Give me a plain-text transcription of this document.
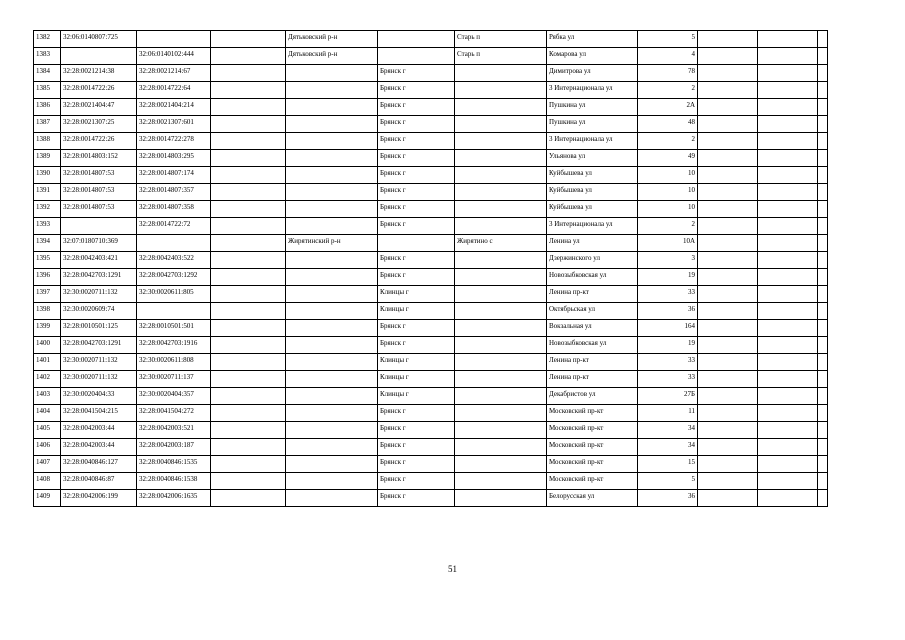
1382	32:06:0140807:725			Дятьковский р-н		Старь п		Рябка ул	5			
1383		32:06:0140102:444		Дятьковский р-н		Старь п		Комарова ул	4			
1384	32:28:0021214:38	32:28:0021214:67			Брянск г			Димитрова ул	78			
1385	32:28:0014722:26	32:28:0014722:64			Брянск г			3 Интернационала ул	2			
1386	32:28:0021404:47	32:28:0021404:214			Брянск г			Пушкина ул	2А			
1387	32:28:0021307:25	32:28:0021307:601			Брянск г			Пушкина ул	48			
1388	32:28:0014722:26	32:28:0014722:278			Брянск г			3 Интернационала ул	2			
1389	32:28:0014803:152	32:28:0014803:295			Брянск г			Ульянова ул	49			
1390	32:28:0014807:53	32:28:0014807:174			Брянск г			Куйбышева ул	10			
1391	32:28:0014807:53	32:28:0014807:357			Брянск г			Куйбышева ул	10			
1392	32:28:0014807:53	32:28:0014807:358			Брянск г			Куйбышева ул	10			
1393		32:28:0014722:72			Брянск г			3 Интернационала ул	2			
1394	32:07:0180710:369			Жирятинский р-н		Жирятино с		Ленина ул	10А			
1395	32:28:0042403:421	32:28:0042403:522			Брянск г			Дзержинского ул	3			
1396	32:28:0042703:1291	32:28:0042703:1292			Брянск г			Новозыбковская ул	19			
1397	32:30:0020711:132	32:30:0020611:805			Клинцы г			Ленина пр-кт	33			
1398	32:30:0020609:74				Клинцы г			Октябрьская ул	36			
1399	32:28:0010501:125	32:28:0010501:501			Брянск г			Вокзальная ул	164			
1400	32:28:0042703:1291	32:28:0042703:1916			Брянск г			Новозыбковская ул	19			
1401	32:30:0020711:132	32:30:0020611:808			Клинцы г			Ленина пр-кт	33			
1402	32:30:0020711:132	32:30:0020711:137			Клинцы г			Ленина пр-кт	33			
1403	32:30:0020404:33	32:30:0020404:357			Клинцы г			Декабристов ул	27Б			
1404	32:28:0041504:215	32:28:0041504:272			Брянск г			Московский пр-кт	11			
1405	32:28:0042003:44	32:28:0042003:521			Брянск г			Московский пр-кт	34			
1406	32:28:0042003:44	32:28:0042003:187			Брянск г			Московский пр-кт	34			
1407	32:28:0040846:127	32:28:0040846:1535			Брянск г			Московский пр-кт	15			
1408	32:28:0040846:87	32:28:0040846:1538			Брянск г			Московский пр-кт	5			
1409	32:28:0042006:199	32:28:0042006:1635			Брянск г			Белорусская ул	36			
51
